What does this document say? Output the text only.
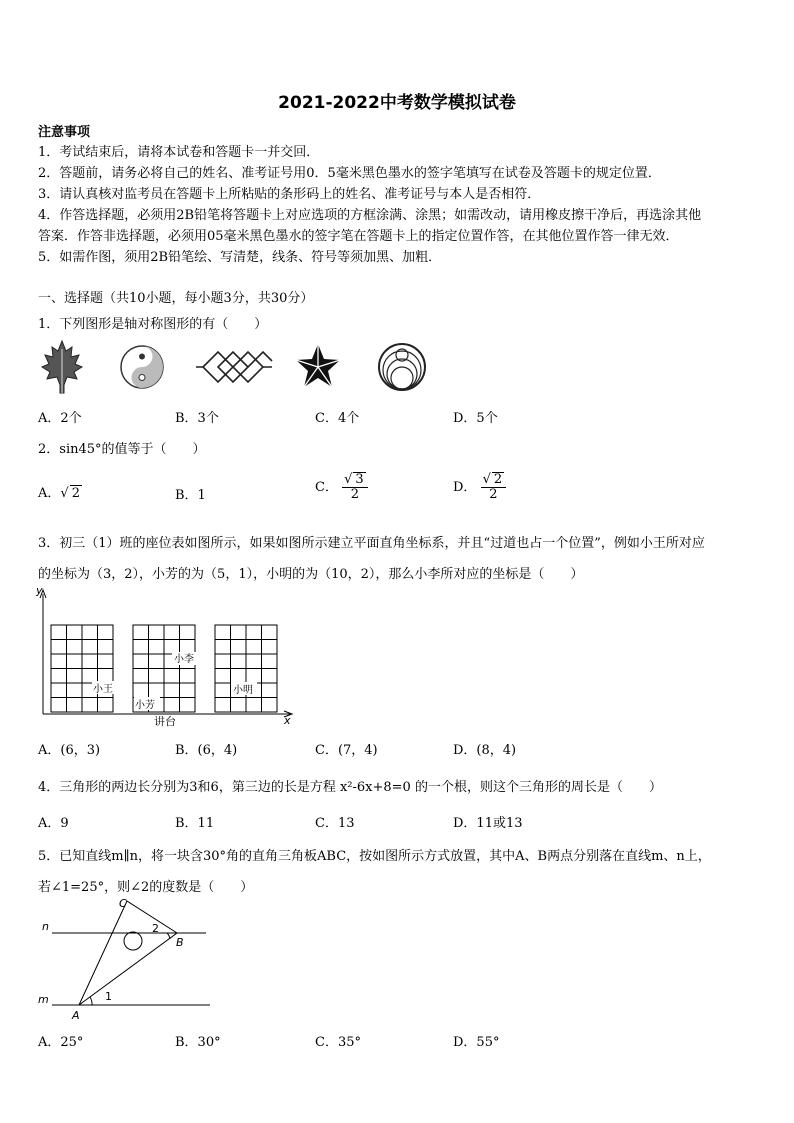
2021-2022中考数学模拟试卷
注意事项
1．考试结束后，请将本试卷和答题卡一并交回．
2．答题前，请务必将自己的姓名、准考证号用0．5毫米黑色墨水的签字笔填写在试卷及答题卡的规定位置．
3．请认真核对监考员在答题卡上所粘贴的条形码上的姓名、准考证号与本人是否相符．
4．作答选择题，必须用2B铅笔将答题卡上对应选项的方框涂满、涂黑；如需改动，请用橡皮擦干净后，再选涂其他
答案．作答非选择题，必须用05毫米黑色墨水的签字笔在答题卡上的指定位置作答，在其他位置作答一律无效．
5．如需作图，须用2B铅笔绘、写清楚，线条、符号等须加黑、加粗．
一、选择题（共10小题，每小题3分，共30分）
1．下列图形是轴对称图形的有（　　）
A．2个	B．3个	C．4个	D．5个
2．sin45°的值等于（　　）
A．√ 2	B．1
C． $\frac{√ 3}{2}$	D． $\frac{√ 2}{2}$
3．初三（1）班的座位表如图所示，如果如图所示建立平面直角坐标系，并且“过道也占一个位置”，例如小王所对应
的坐标为（3，2），小芳的为（5，1），小明的为（10，2），那么小李所对应的坐标是（　　）
y
x
讲台
小王
小芳
小李
小明
A．(6，3)	B．(6，4)	C．(7，4)	D．(8，4)
4．三角形的两边长分别为3和6，第三边的长是方程 x²-6x+8=0 的一个根，则这个三角形的周长是（　　）
A．9	B．11	C．13	D．11或13
5．已知直线m∥n，将一块含30°角的直角三角板ABC，按如图所示方式放置，其中A、B两点分别落在直线m、n上，
若∠1=25°，则∠2的度数是（　　）
n
m
C
B
A
1
2
A．25°	B．30°	C．35°	D．55°
